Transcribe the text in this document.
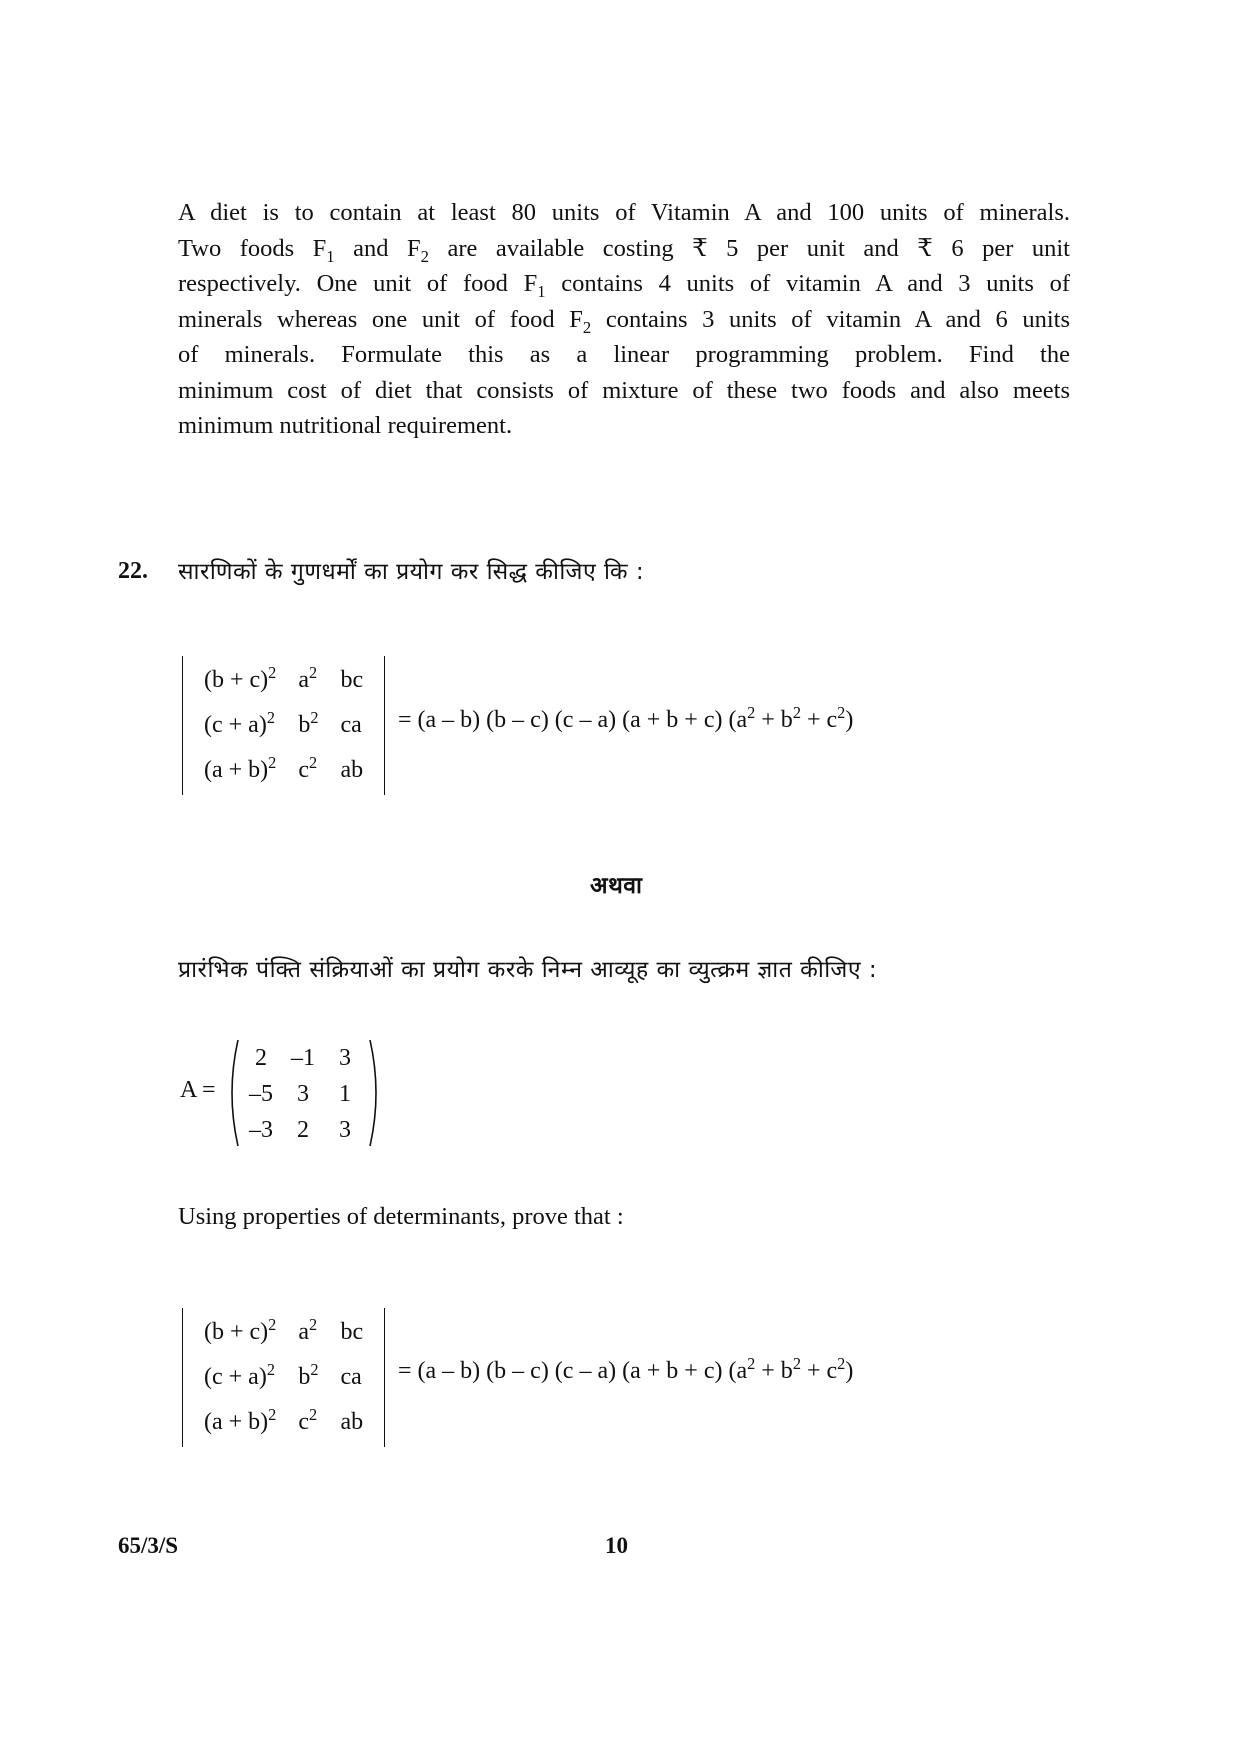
A diet is to contain at least 80 units of Vitamin A and 100 units of minerals.
Two foods $F_1$ and $F_2$ are available costing ₹ 5 per unit and ₹ 6 per unit
respectively. One unit of food $F_1$ contains 4 units of vitamin A and 3 units of
minerals whereas one unit of food $F_2$ contains 3 units of vitamin A and 6 units
of minerals. Formulate this as a linear programming problem. Find the
minimum cost of diet that consists of mixture of these two foods and also meets
minimum nutritional requirement.
22. सारणिकों के गुणधर्मों का प्रयोग कर सिद्ध कीजिए कि :
$(b + c)^2$	$a^2$	bc
$(c + a)^2$	$b^2$	ca
$(a + b)^2$	$c^2$	ab
= (a – b) (b – c) (c – a) (a + b + c) $(a^2 + b^2 + c^2)$
अथवा
प्रारंभिक पंक्ति संक्रियाओं का प्रयोग करके निम्न आव्यूह का व्युत्क्रम ज्ञात कीजिए :
A =
2	–1	3
–5	3	1
–3	2	3
Using properties of determinants, prove that :
$(b + c)^2$	$a^2$	bc
$(c + a)^2$	$b^2$	ca
$(a + b)^2$	$c^2$	ab
= (a – b) (b – c) (c – a) (a + b + c) $(a^2 + b^2 + c^2)$
65/3/S	10
